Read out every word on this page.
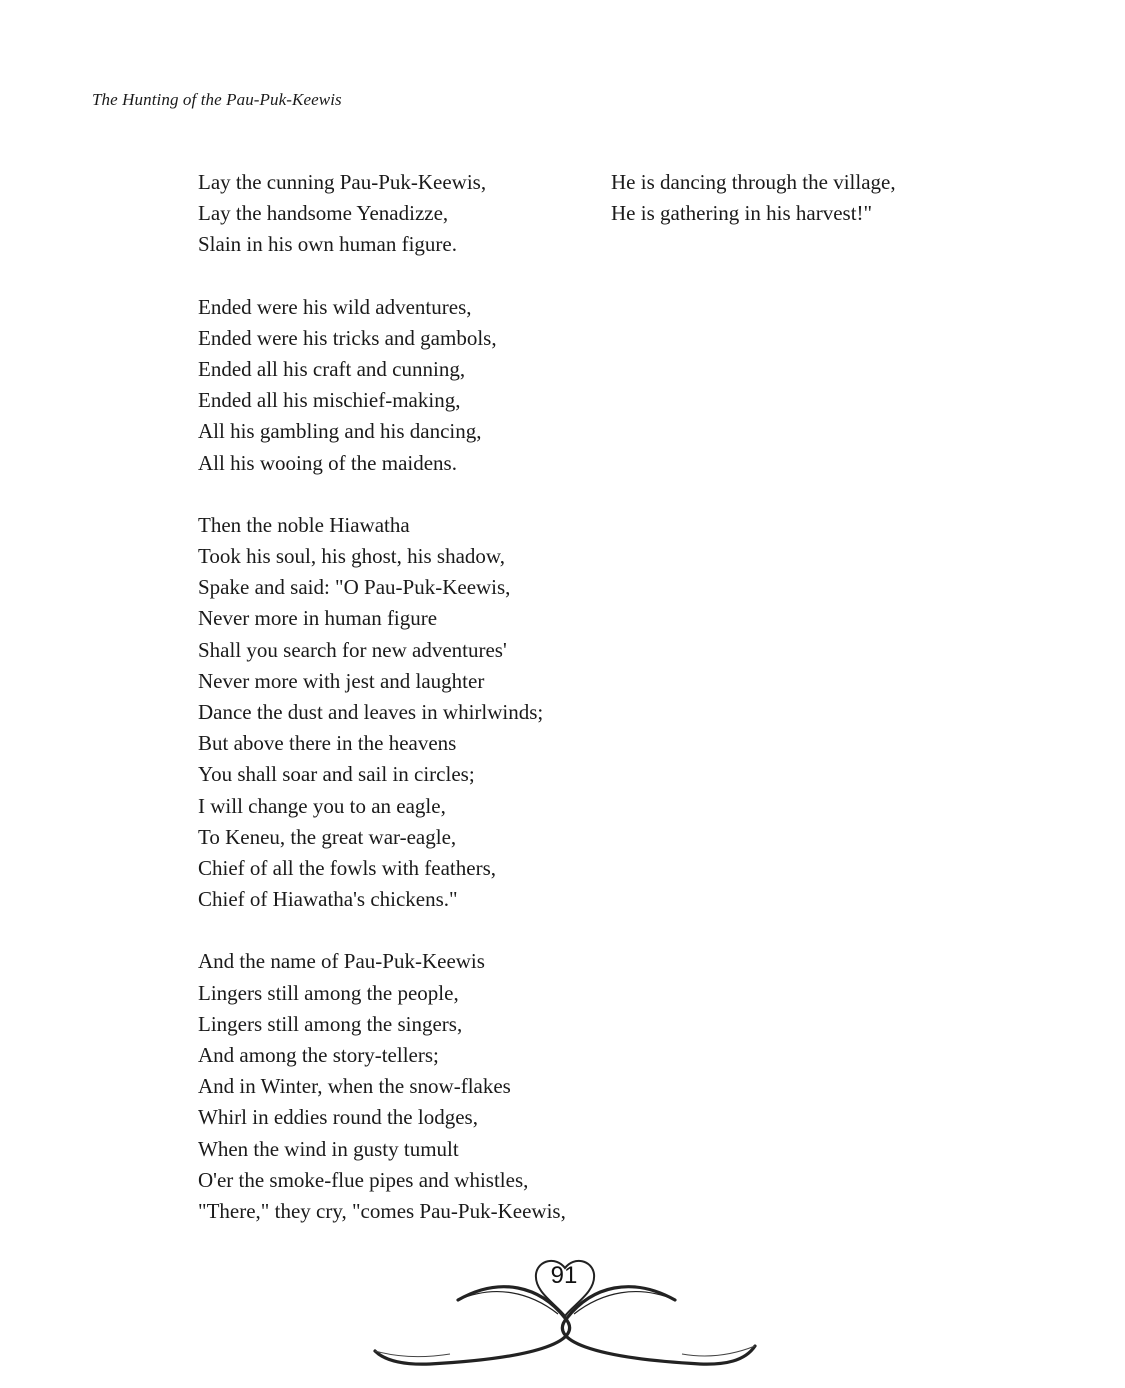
The Hunting of the Pau-Puk-Keewis
Lay the cunning Pau-Puk-Keewis,
Lay the handsome Yenadizze,
Slain in his own human figure.
Ended were his wild adventures,
Ended were his tricks and gambols,
Ended all his craft and cunning,
Ended all his mischief-making,
All his gambling and his dancing,
All his wooing of the maidens.
Then the noble Hiawatha
Took his soul, his ghost, his shadow,
Spake and said: "O Pau-Puk-Keewis,
Never more in human figure
Shall you search for new adventures'
Never more with jest and laughter
Dance the dust and leaves in whirlwinds;
But above there in the heavens
You shall soar and sail in circles;
I will change you to an eagle,
To Keneu, the great war-eagle,
Chief of all the fowls with feathers,
Chief of Hiawatha's chickens."
And the name of Pau-Puk-Keewis
Lingers still among the people,
Lingers still among the singers,
And among the story-tellers;
And in Winter, when the snow-flakes
Whirl in eddies round the lodges,
When the wind in gusty tumult
O'er the smoke-flue pipes and whistles,
"There," they cry, "comes Pau-Puk-Keewis,
He is dancing through the village,
He is gathering in his harvest!"
91
